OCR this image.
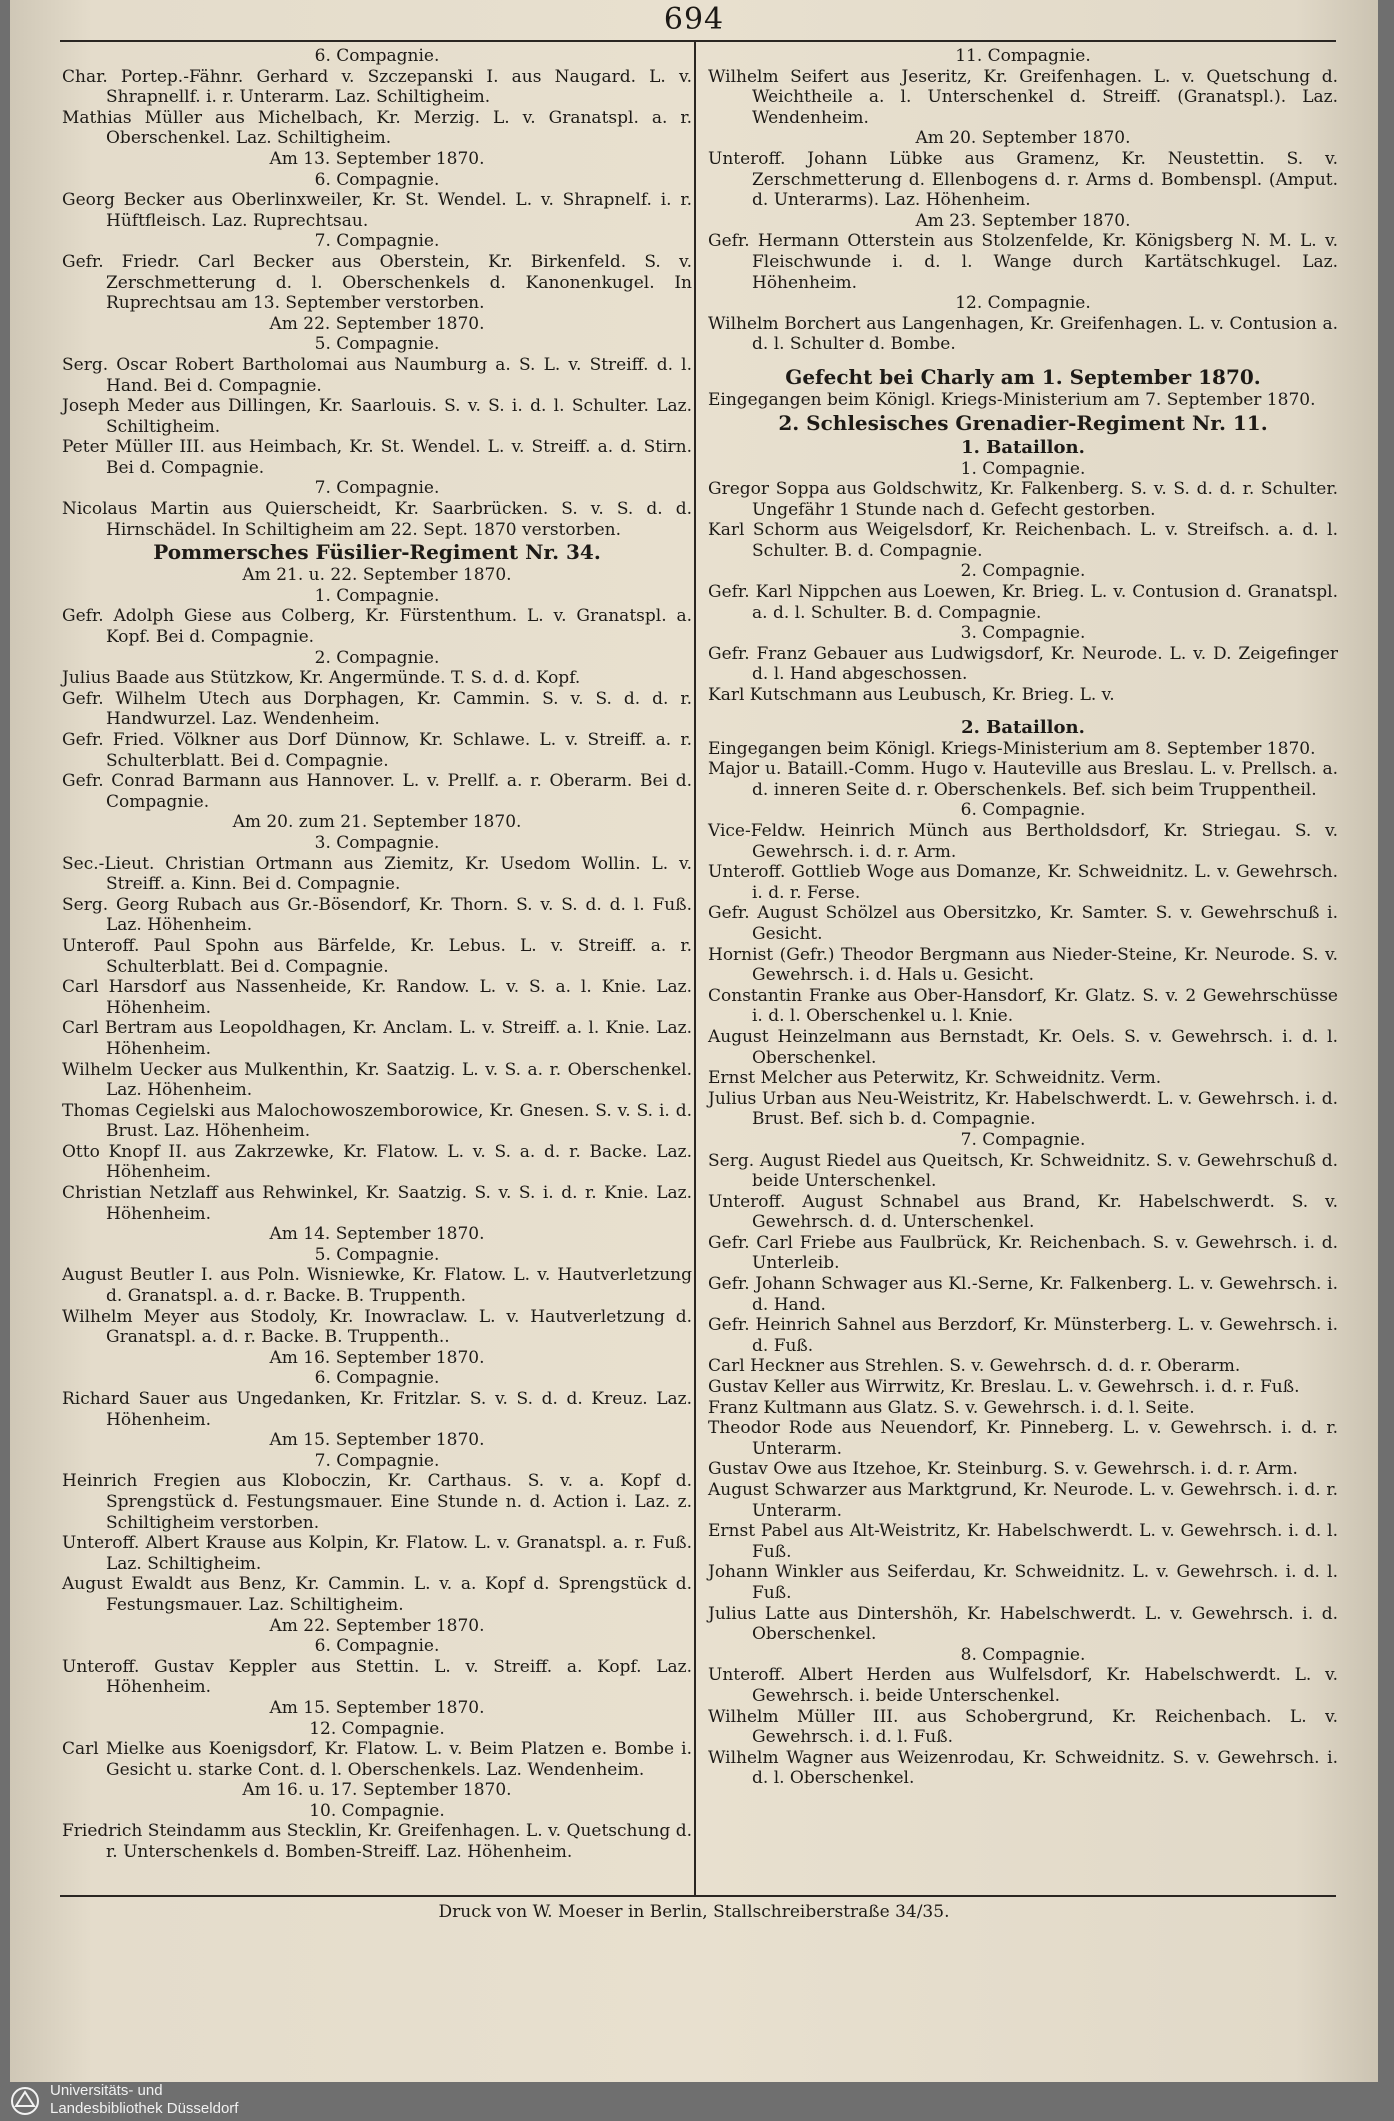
694
6. Compagnie.
Char. Portep.-Fähnr. Gerhard v. Szczepanski I. aus Naugard. L. v. Shrapnellf. i. r. Unterarm. Laz. Schiltigheim.
Mathias Müller aus Michelbach, Kr. Merzig. L. v. Granatspl. a. r. Oberschenkel. Laz. Schiltigheim.
Am 13. September 1870.
6. Compagnie.
Georg Becker aus Oberlinxweiler, Kr. St. Wendel. L. v. Shrapnelf. i. r. Hüftfleisch. Laz. Ruprechtsau.
7. Compagnie.
Gefr. Friedr. Carl Becker aus Oberstein, Kr. Birkenfeld. S. v. Zerschmetterung d. l. Oberschenkels d. Kanonenkugel. In Ruprechtsau am 13. September verstorben.
Am 22. September 1870.
5. Compagnie.
Serg. Oscar Robert Bartholomai aus Naumburg a. S. L. v. Streiff. d. l. Hand. Bei d. Compagnie.
Joseph Meder aus Dillingen, Kr. Saarlouis. S. v. S. i. d. l. Schulter. Laz. Schiltigheim.
Peter Müller III. aus Heimbach, Kr. St. Wendel. L. v. Streiff. a. d. Stirn. Bei d. Compagnie.
7. Compagnie.
Nicolaus Martin aus Quierscheidt, Kr. Saarbrücken. S. v. S. d. d. Hirnschädel. In Schiltigheim am 22. Sept. 1870 verstorben.
Pommersches Füsilier-Regiment Nr. 34.
Am 21. u. 22. September 1870.
1. Compagnie.
Gefr. Adolph Giese aus Colberg, Kr. Fürstenthum. L. v. Granatspl. a. Kopf. Bei d. Compagnie.
2. Compagnie.
Julius Baade aus Stützkow, Kr. Angermünde. T. S. d. d. Kopf.
Gefr. Wilhelm Utech aus Dorphagen, Kr. Cammin. S. v. S. d. d. r. Handwurzel. Laz. Wendenheim.
Gefr. Fried. Völkner aus Dorf Dünnow, Kr. Schlawe. L. v. Streiff. a. r. Schulterblatt. Bei d. Compagnie.
Gefr. Conrad Barmann aus Hannover. L. v. Prellf. a. r. Oberarm. Bei d. Compagnie.
Am 20. zum 21. September 1870.
3. Compagnie.
Sec.-Lieut. Christian Ortmann aus Ziemitz, Kr. Usedom Wollin. L. v. Streiff. a. Kinn. Bei d. Compagnie.
Serg. Georg Rubach aus Gr.-Bösendorf, Kr. Thorn. S. v. S. d. d. l. Fuß. Laz. Höhenheim.
Unteroff. Paul Spohn aus Bärfelde, Kr. Lebus. L. v. Streiff. a. r. Schulterblatt. Bei d. Compagnie.
Carl Harsdorf aus Nassenheide, Kr. Randow. L. v. S. a. l. Knie. Laz. Höhenheim.
Carl Bertram aus Leopoldhagen, Kr. Anclam. L. v. Streiff. a. l. Knie. Laz. Höhenheim.
Wilhelm Uecker aus Mulkenthin, Kr. Saatzig. L. v. S. a. r. Oberschenkel. Laz. Höhenheim.
Thomas Cegielski aus Malochowoszemborowice, Kr. Gnesen. S. v. S. i. d. Brust. Laz. Höhenheim.
Otto Knopf II. aus Zakrzewke, Kr. Flatow. L. v. S. a. d. r. Backe. Laz. Höhenheim.
Christian Netzlaff aus Rehwinkel, Kr. Saatzig. S. v. S. i. d. r. Knie. Laz. Höhenheim.
Am 14. September 1870.
5. Compagnie.
August Beutler I. aus Poln. Wisniewke, Kr. Flatow. L. v. Hautverletzung d. Granatspl. a. d. r. Backe. B. Truppenth.
Wilhelm Meyer aus Stodoly, Kr. Inowraclaw. L. v. Hautverletzung d. Granatspl. a. d. r. Backe. B. Truppenth..
Am 16. September 1870.
6. Compagnie.
Richard Sauer aus Ungedanken, Kr. Fritzlar. S. v. S. d. d. Kreuz. Laz. Höhenheim.
Am 15. September 1870.
7. Compagnie.
Heinrich Fregien aus Kloboczin, Kr. Carthaus. S. v. a. Kopf d. Sprengstück d. Festungsmauer. Eine Stunde n. d. Action i. Laz. z. Schiltigheim verstorben.
Unteroff. Albert Krause aus Kolpin, Kr. Flatow. L. v. Granatspl. a. r. Fuß. Laz. Schiltigheim.
August Ewaldt aus Benz, Kr. Cammin. L. v. a. Kopf d. Sprengstück d. Festungsmauer. Laz. Schiltigheim.
Am 22. September 1870.
6. Compagnie.
Unteroff. Gustav Keppler aus Stettin. L. v. Streiff. a. Kopf. Laz. Höhenheim.
Am 15. September 1870.
12. Compagnie.
Carl Mielke aus Koenigsdorf, Kr. Flatow. L. v. Beim Platzen e. Bombe i. Gesicht u. starke Cont. d. l. Oberschenkels. Laz. Wendenheim.
Am 16. u. 17. September 1870.
10. Compagnie.
Friedrich Steindamm aus Stecklin, Kr. Greifenhagen. L. v. Quetschung d. r. Unterschenkels d. Bomben-Streiff. Laz. Höhenheim.
11. Compagnie.
Wilhelm Seifert aus Jeseritz, Kr. Greifenhagen. L. v. Quetschung d. Weichtheile a. l. Unterschenkel d. Streiff. (Granatspl.). Laz. Wendenheim.
Am 20. September 1870.
Unteroff. Johann Lübke aus Gramenz, Kr. Neustettin. S. v. Zerschmetterung d. Ellenbogens d. r. Arms d. Bombenspl. (Amput. d. Unterarms). Laz. Höhenheim.
Am 23. September 1870.
Gefr. Hermann Otterstein aus Stolzenfelde, Kr. Königsberg N. M. L. v. Fleischwunde i. d. l. Wange durch Kartätschkugel. Laz. Höhenheim.
12. Compagnie.
Wilhelm Borchert aus Langenhagen, Kr. Greifenhagen. L. v. Contusion a. d. l. Schulter d. Bombe.
Gefecht bei Charly am 1. September 1870.
Eingegangen beim Königl. Kriegs-Ministerium am 7. September 1870.
2. Schlesisches Grenadier-Regiment Nr. 11.
1. Bataillon.
1. Compagnie.
Gregor Soppa aus Goldschwitz, Kr. Falkenberg. S. v. S. d. d. r. Schulter. Ungefähr 1 Stunde nach d. Gefecht gestorben.
Karl Schorm aus Weigelsdorf, Kr. Reichenbach. L. v. Streifsch. a. d. l. Schulter. B. d. Compagnie.
2. Compagnie.
Gefr. Karl Nippchen aus Loewen, Kr. Brieg. L. v. Contusion d. Granatspl. a. d. l. Schulter. B. d. Compagnie.
3. Compagnie.
Gefr. Franz Gebauer aus Ludwigsdorf, Kr. Neurode. L. v. D. Zeigefinger d. l. Hand abgeschossen.
Karl Kutschmann aus Leubusch, Kr. Brieg. L. v.
2. Bataillon.
Eingegangen beim Königl. Kriegs-Ministerium am 8. September 1870.
Major u. Bataill.-Comm. Hugo v. Hauteville aus Breslau. L. v. Prellsch. a. d. inneren Seite d. r. Oberschenkels. Bef. sich beim Truppentheil.
6. Compagnie.
Vice-Feldw. Heinrich Münch aus Bertholdsdorf, Kr. Striegau. S. v. Gewehrsch. i. d. r. Arm.
Unteroff. Gottlieb Woge aus Domanze, Kr. Schweidnitz. L. v. Gewehrsch. i. d. r. Ferse.
Gefr. August Schölzel aus Obersitzko, Kr. Samter. S. v. Gewehrschuß i. Gesicht.
Hornist (Gefr.) Theodor Bergmann aus Nieder-Steine, Kr. Neurode. S. v. Gewehrsch. i. d. Hals u. Gesicht.
Constantin Franke aus Ober-Hansdorf, Kr. Glatz. S. v. 2 Gewehrschüsse i. d. l. Oberschenkel u. l. Knie.
August Heinzelmann aus Bernstadt, Kr. Oels. S. v. Gewehrsch. i. d. l. Oberschenkel.
Ernst Melcher aus Peterwitz, Kr. Schweidnitz. Verm.
Julius Urban aus Neu-Weistritz, Kr. Habelschwerdt. L. v. Gewehrsch. i. d. Brust. Bef. sich b. d. Compagnie.
7. Compagnie.
Serg. August Riedel aus Queitsch, Kr. Schweidnitz. S. v. Gewehrschuß d. beide Unterschenkel.
Unteroff. August Schnabel aus Brand, Kr. Habelschwerdt. S. v. Gewehrsch. d. d. Unterschenkel.
Gefr. Carl Friebe aus Faulbrück, Kr. Reichenbach. S. v. Gewehrsch. i. d. Unterleib.
Gefr. Johann Schwager aus Kl.-Serne, Kr. Falkenberg. L. v. Gewehrsch. i. d. Hand.
Gefr. Heinrich Sahnel aus Berzdorf, Kr. Münsterberg. L. v. Gewehrsch. i. d. Fuß.
Carl Heckner aus Strehlen. S. v. Gewehrsch. d. d. r. Oberarm.
Gustav Keller aus Wirrwitz, Kr. Breslau. L. v. Gewehrsch. i. d. r. Fuß.
Franz Kultmann aus Glatz. S. v. Gewehrsch. i. d. l. Seite.
Theodor Rode aus Neuendorf, Kr. Pinneberg. L. v. Gewehrsch. i. d. r. Unterarm.
Gustav Owe aus Itzehoe, Kr. Steinburg. S. v. Gewehrsch. i. d. r. Arm.
August Schwarzer aus Marktgrund, Kr. Neurode. L. v. Gewehrsch. i. d. r. Unterarm.
Ernst Pabel aus Alt-Weistritz, Kr. Habelschwerdt. L. v. Gewehrsch. i. d. l. Fuß.
Johann Winkler aus Seiferdau, Kr. Schweidnitz. L. v. Gewehrsch. i. d. l. Fuß.
Julius Latte aus Dintershöh, Kr. Habelschwerdt. L. v. Gewehrsch. i. d. Oberschenkel.
8. Compagnie.
Unteroff. Albert Herden aus Wulfelsdorf, Kr. Habelschwerdt. L. v. Gewehrsch. i. beide Unterschenkel.
Wilhelm Müller III. aus Schobergrund, Kr. Reichenbach. L. v. Gewehrsch. i. d. l. Fuß.
Wilhelm Wagner aus Weizenrodau, Kr. Schweidnitz. S. v. Gewehrsch. i. d. l. Oberschenkel.
Druck von W. Moeser in Berlin, Stallschreiberstraße 34/35.
Universitäts- und
Landesbibliothek Düsseldorf
